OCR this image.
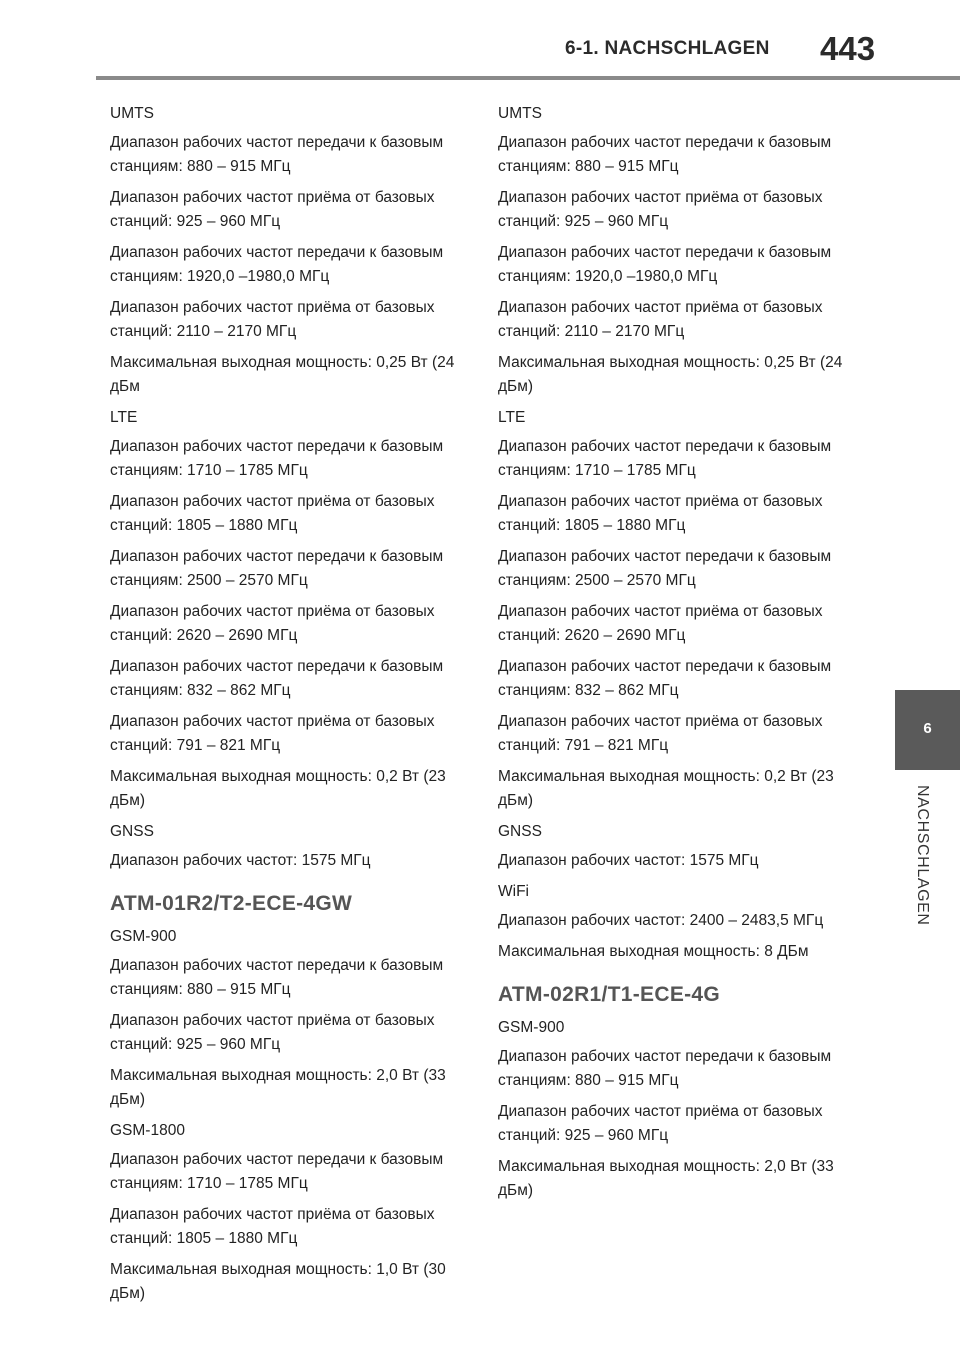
6-1. NACHSCHLAGEN	443
UMTS
Диапазон рабочих частот передачи к базовым станциям: 880 – 915 МГц
Диапазон рабочих частот приёма от базовых станций: 925 – 960 МГц
Диапазон рабочих частот передачи к базовым станциям: 1920,0 –1980,0 МГц
Диапазон рабочих частот приёма от базовых станций: 2110 – 2170 МГц
Максимальная выходная мощность: 0,25 Вт (24 дБм
LTE
Диапазон рабочих частот передачи к базовым станциям: 1710 – 1785 МГц
Диапазон рабочих частот приёма от базовых станций: 1805 – 1880 МГц
Диапазон рабочих частот передачи к базовым станциям: 2500 – 2570 МГц
Диапазон рабочих частот приёма от базовых станций: 2620 – 2690 МГц
Диапазон рабочих частот передачи к базовым станциям: 832 – 862 МГц
Диапазон рабочих частот приёма от базовых станций: 791 – 821 МГц
Максимальная выходная мощность: 0,2 Вт (23 дБм)
GNSS
Диапазон рабочих частот: 1575 МГц
ATM-01R2/T2-ECE-4GW
GSM-900
Диапазон рабочих частот передачи к базовым станциям: 880 – 915 МГц
Диапазон рабочих частот приёма от базовых станций: 925 – 960 МГц
Максимальная выходная мощность: 2,0 Вт (33 дБм)
GSM-1800
Диапазон рабочих частот передачи к базовым станциям: 1710 – 1785 МГц
Диапазон рабочих частот приёма от базовых станций: 1805 – 1880 МГц
Максимальная выходная мощность: 1,0 Вт (30 дБм)
UMTS
Диапазон рабочих частот передачи к базовым станциям: 880 – 915 МГц
Диапазон рабочих частот приёма от базовых станций: 925 – 960 МГц
Диапазон рабочих частот передачи к базовым станциям: 1920,0 –1980,0 МГц
Диапазон рабочих частот приёма от базовых станций: 2110 – 2170 МГц
Максимальная выходная мощность: 0,25 Вт (24 дБм)
LTE
Диапазон рабочих частот передачи к базовым станциям: 1710 – 1785 МГц
Диапазон рабочих частот приёма от базовых станций: 1805 – 1880 МГц
Диапазон рабочих частот передачи к базовым станциям: 2500 – 2570 МГц
Диапазон рабочих частот приёма от базовых станций: 2620 – 2690 МГц
Диапазон рабочих частот передачи к базовым станциям: 832 – 862 МГц
Диапазон рабочих частот приёма от базовых станций: 791 – 821 МГц
Максимальная выходная мощность: 0,2 Вт (23 дБм)
GNSS
Диапазон рабочих частот: 1575 МГц
WiFi
Диапазон рабочих частот: 2400 – 2483,5 МГц
Максимальная выходная мощность: 8 ДБм
ATM-02R1/T1-ECE-4G
GSM-900
Диапазон рабочих частот передачи к базовым станциям: 880 – 915 МГц
Диапазон рабочих частот приёма от базовых станций: 925 – 960 МГц
Максимальная выходная мощность: 2,0 Вт (33 дБм)
6
NACHSCHLAGEN
